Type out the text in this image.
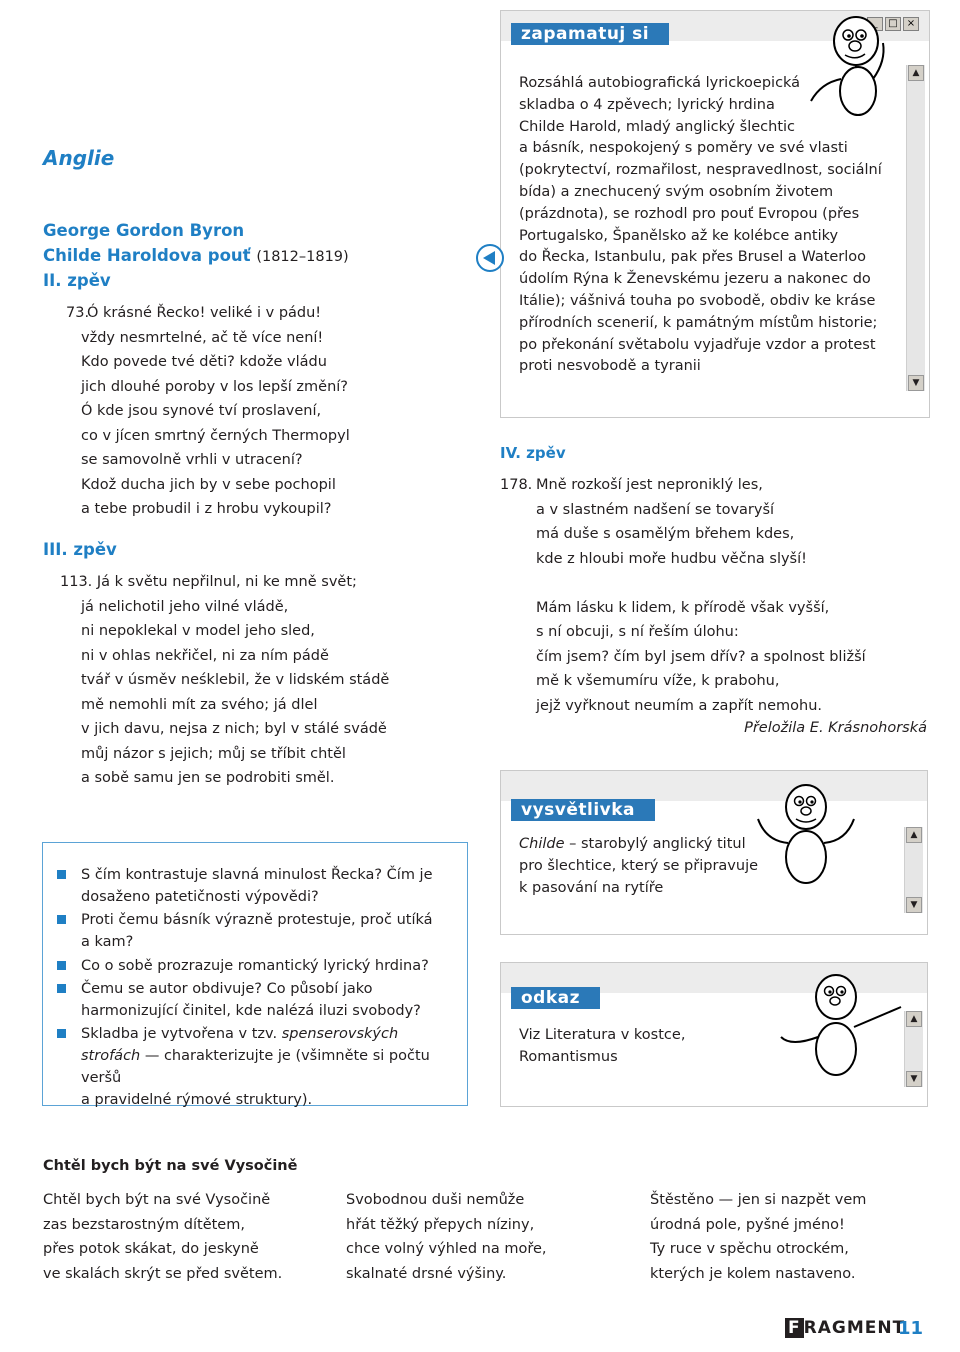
Anglie
George Gordon Byron
Childe Haroldova pouť (1812–1819)
II. zpěv
73.Ó krásné Řecko! veliké i v pádu!
vždy nesmrtelné, ač tě více není!
Kdo povede tvé děti? kdože vládu
jich dlouhé poroby v los lepší změní?
Ó kde jsou synové tví proslavení,
co v jícen smrtný černých Thermopyl
se samovolně vrhli v utracení?
Kdož ducha jich by v sebe pochopil
a tebe probudil i z hrobu vykoupil?
III. zpěv
113. Já k světu nepřilnul, ni ke mně svět;
já nelichotil jeho vilné vládě,
ni nepoklekal v model jeho sled,
ni v ohlas nekřičel, ni za ním pádě
tvář v úsměv neśklebil, že v lidském stádě
mě nemohli mít za svého; já dlel
v jich davu, nejsa z nich; byl v stálé svádě
můj názor s jejich; můj se tříbit chtěl
a sobě samu jen se podrobiti směl.
S čím kontrastuje slavná minulost Řecka? Čím je
dosaženo patetičnosti výpovědi?
Proti čemu básník výrazně protestuje, proč utíká
a kam?
Co o sobě prozrazuje romantický lyrický hrdina?
Čemu se autor obdivuje? Co působí jako
harmonizující činitel, kde nalézá iluzi svobody?
Skladba je vytvořena v tzv. spenserovských
strofách — charakterizujte je (všimněte si počtu veršů
a pravidelné rýmové struktury).
_	□ ×
zapamatuj si
▲
▼
Rozsáhlá autobiografická lyrickoepická
skladba o 4 zpěvech; lyrický hrdina
Childe Harold, mladý anglický šlechtic
a básník, nespokojený s poměry ve své vlasti
(pokrytectví, rozmařilost, nespravedlnost, sociální
bída) a znechucený svým osobním životem
(prázdnota), se rozhodl pro pouť Evropou (přes
Portugalsko, Španělsko až ke kolébce antiky
do Řecka, Istanbulu, pak přes Brusel a Waterloo
údolím Rýna k Ženevskému jezeru a nakonec do
Itálie); vášnivá touha po svobodě, obdiv ke kráse
přírodních scenerií, k památným místům historie;
po překonání světabolu vyjadřuje vzdor a protest
proti nesvobodě a tyranii
IV. zpěv
178. Mně rozkoší jest neproniklý les,
a v slastném nadšení se tovaryší
má duše s osamělým břehem kdes,
kde z hloubi moře hudbu věčna slyší!
Mám lásku k lidem, k přírodě však vyšší,
s ní obcuji, s ní řeším úlohu:
čím jsem? čím byl jsem dřív? a spolnost bližší
mě k všemumíru víže, k prabohu,
jejž vyřknout neumím a zapřít nemohu.
Přeložila E. Krásnohorská
vysvětlivka
▲
▼
Childe – starobylý anglický titul
pro šlechtice, který se připravuje
k pasování na rytíře
odkaz
▲
▼
Viz Literatura v kostce,
Romantismus
Chtěl bych být na své Vysočině
Chtěl bych být na své Vysočině
zas bezstarostným dítětem,
přes potok skákat, do jeskyně
ve skalách skrýt se před světem.
Svobodnou duši nemůže
hřát těžký přepych níziny,
chce volný výhled na moře,
skalnaté drsné výšiny.
Štěstěno — jen si nazpět vem
úrodná pole, pyšné jméno!
Ty ruce v spěchu otrockém,
kterých je kolem nastaveno.
F RAGMENT
11
